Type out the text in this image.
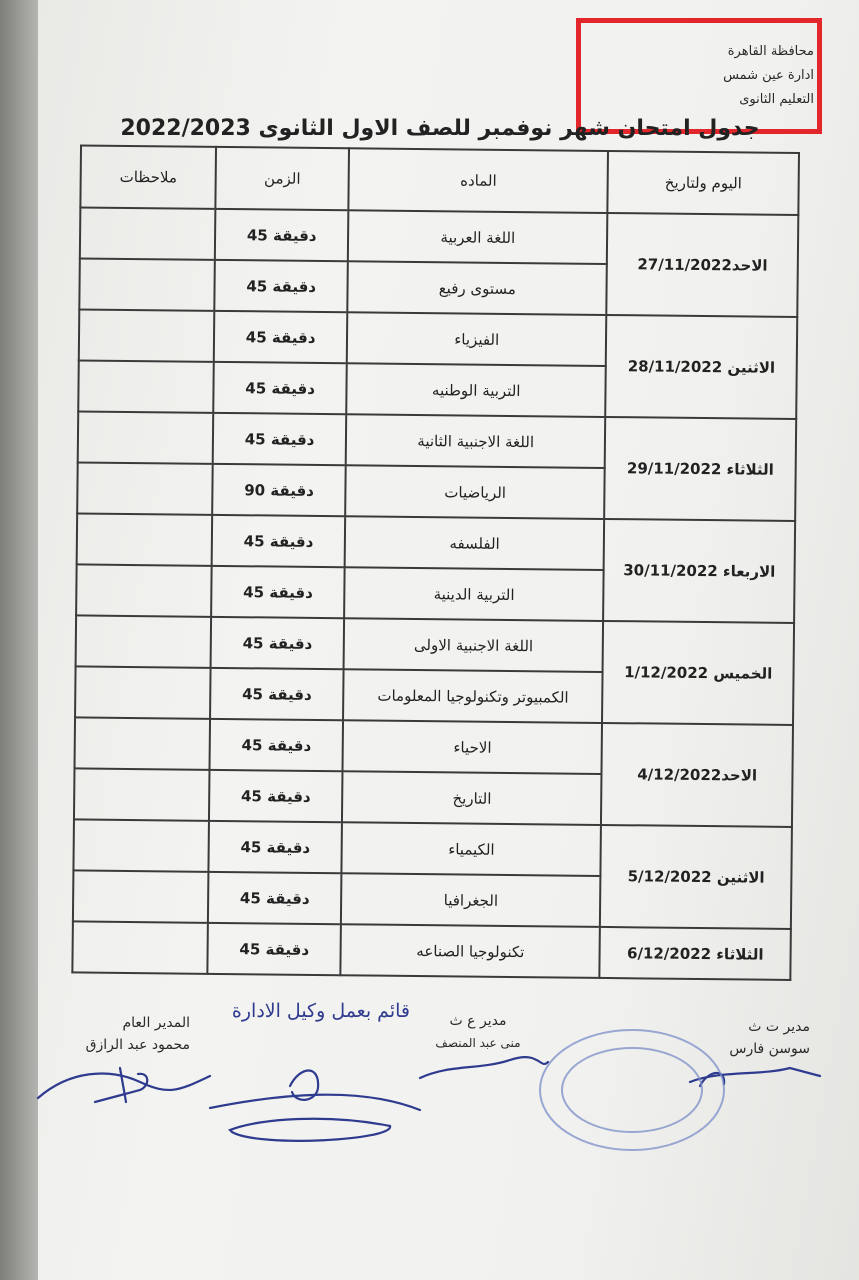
محافظة القاهرة
ادارة عين شمس
التعليم الثانوى
جدول امتحان شهر نوفمبر للصف الاول الثانوى 2022/2023
اليوم ولتاريخ	الماده	الزمن	ملاحظات
الاحد27/11/2022	اللغة العربية	دقيقة 45	
	مستوى رفيع	دقيقة 45	
الاثنين 28/11/2022	الفيزياء	دقيقة 45	
	التربية الوطنيه	دقيقة 45	
الثلاثاء 29/11/2022	اللغة الاجنبية الثانية	دقيقة 45	
	الرياضيات	دقيقة 90	
الاربعاء 30/11/2022	الفلسفه	دقيقة 45	
	التربية الدينية	دقيقة 45	
الخميس 1/12/2022	اللغة الاجنبية الاولى	دقيقة 45	
	الكمبيوتر وتكنولوجيا المعلومات	دقيقة 45	
الاحد4/12/2022	الاحياء	دقيقة 45	
	التاريخ	دقيقة 45	
الاثنين 5/12/2022	الكيمياء	دقيقة 45	
	الجغرافيا	دقيقة 45	
الثلاثاء 6/12/2022	تكنولوجيا الصناعه	دقيقة 45	
المدير العام
محمود عبد الرازق
قائم بعمل وكيل الادارة	مدير ع ث
منى عبد المنصف
مدير ت ث
سوسن فارس
